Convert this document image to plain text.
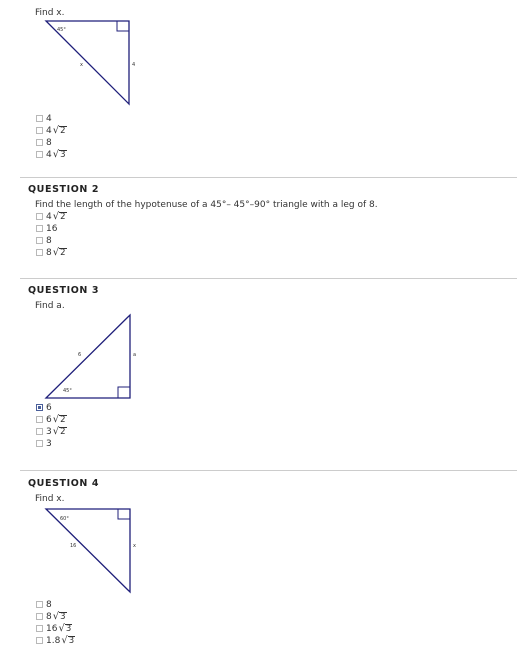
Find x.
45°
x	4
4
4 √ 2
8
4 √ 3
QUESTION 2
Find the length of the hypotenuse of a 45°– 45°–90° triangle with a leg of 8.
4 √ 2
16
8
8 √ 2
QUESTION 3
Find a.
6	a
45°
6
6 √ 2
3 √ 2
3
QUESTION 4
Find x.
60°
16	x
8
8 √ 3
16 √ 3
1.8 √ 3
